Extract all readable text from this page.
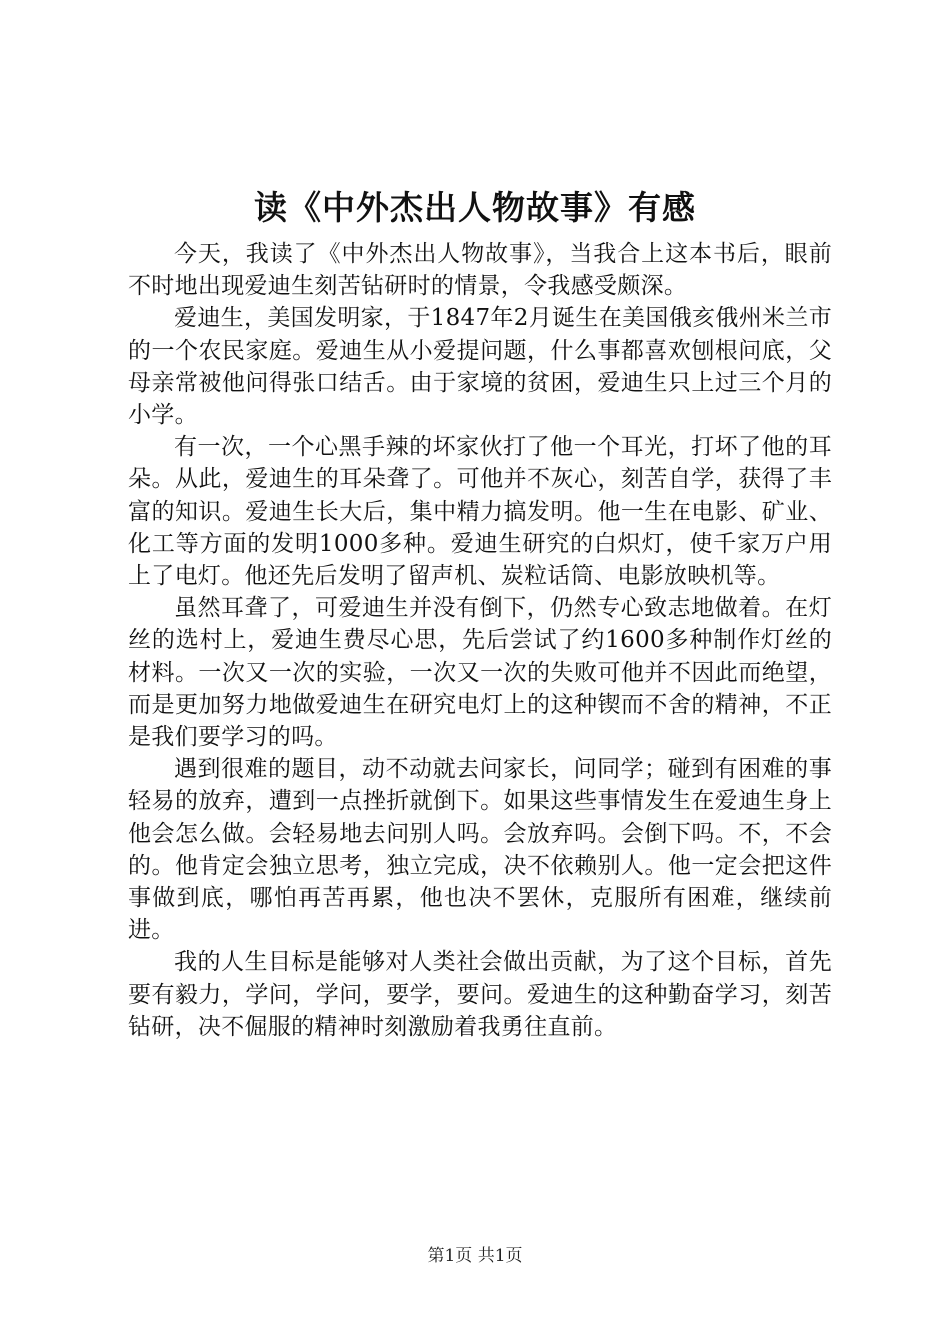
读《中外杰出人物故事》有感

今天，我读了《中外杰出人物故事》，当我合上这本书后，眼前不时地出现爱迪生刻苦钻研时的情景，令我感受颇深。

爱迪生，美国发明家，于1847年2月诞生在美国俄亥俄州米兰市的一个农民家庭。爱迪生从小爱提问题，什么事都喜欢刨根问底，父母亲常被他问得张口结舌。由于家境的贫困，爱迪生只上过三个月的小学。

有一次，一个心黑手辣的坏家伙打了他一个耳光，打坏了他的耳朵。从此，爱迪生的耳朵聋了。可他并不灰心，刻苦自学，获得了丰富的知识。爱迪生长大后，集中精力搞发明。他一生在电影、矿业、化工等方面的发明1000多种。爱迪生研究的白炽灯，使千家万户用上了电灯。他还先后发明了留声机、炭粒话筒、电影放映机等。

虽然耳聋了，可爱迪生并没有倒下，仍然专心致志地做着。在灯丝的选村上，爱迪生费尽心思，先后尝试了约1600多种制作灯丝的材料。一次又一次的实验，一次又一次的失败可他并不因此而绝望，而是更加努力地做爱迪生在研究电灯上的这种锲而不舍的精神，不正是我们要学习的吗。

遇到很难的题目，动不动就去问家长，问同学；碰到有困难的事轻易的放弃，遭到一点挫折就倒下。如果这些事情发生在爱迪生身上他会怎么做。会轻易地去问别人吗。会放弃吗。会倒下吗。不，不会的。他肯定会独立思考，独立完成，决不依赖别人。他一定会把这件事做到底，哪怕再苦再累，他也决不罢休，克服所有困难，继续前进。

我的人生目标是能够对人类社会做出贡献，为了这个目标，首先要有毅力，学问，学问，要学，要问。爱迪生的这种勤奋学习，刻苦钻研，决不倔服的精神时刻激励着我勇往直前。

第1页 共1页
